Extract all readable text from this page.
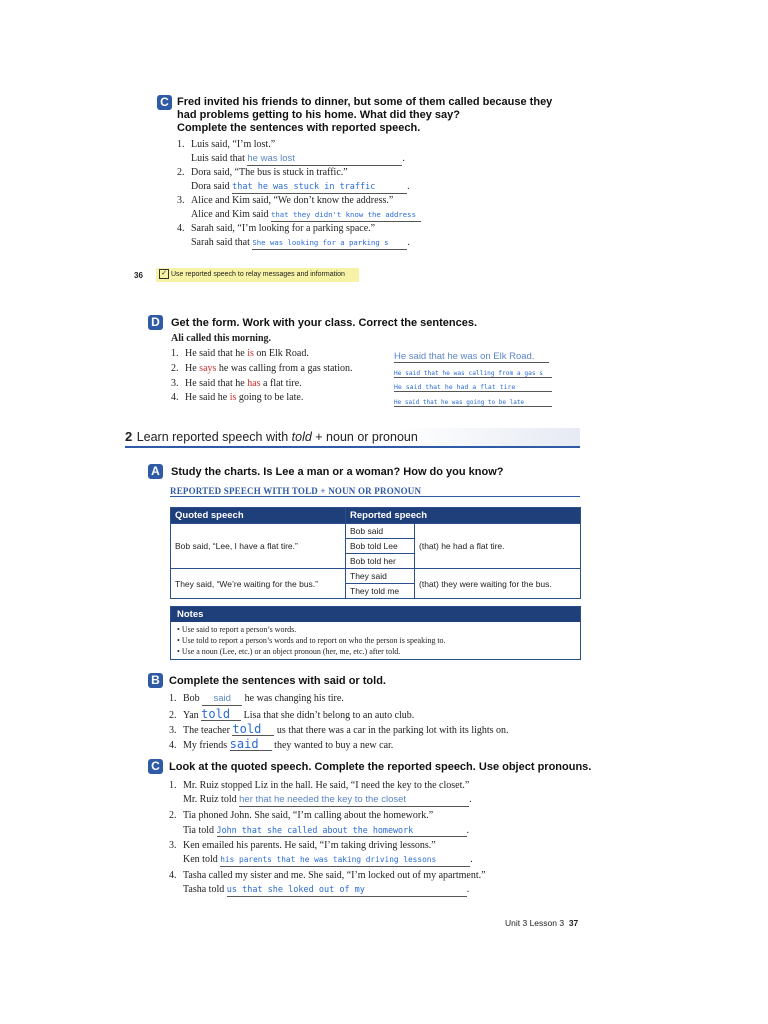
C Fred invited his friends to dinner, but some of them called because they
had problems getting to his home. What did they say?
Complete the sentences with reported speech.
1. Luis said, “I’m lost.”
Luis said that he was lost	.
2. Dora said, “The bus is stuck in traffic.”
Dora said that he was stuck in traffic	.
3. Alice and Kim said, “We don’t know the address.”
Alice and Kim said that they didn't know the address
4. Sarah said, “I’m looking for a parking space.”
Sarah said that She was looking for a parking s .
36	✓ Use reported speech to relay messages and information
D Get the form. Work with your class. Correct the sentences.
Ali called this morning.
1. He said that he is on Elk Road.	He said that he was on Elk Road.
2. He says he was calling from a gas station.	He said that he was calling from a gas s
3. He said that he has a flat tire.	He said that he had a flat tire
4. He said he is going to be late.	He said that he was going to be late
2 Learn reported speech with told + noun or pronoun
A Study the charts. Is Lee a man or a woman? How do you know?
REPORTED SPEECH WITH TOLD + NOUN OR PRONOUN
Quoted speech	Reported speech	
Bob said, “Lee, I have a flat tire.”	Bob said	(that) he had a flat tire.
	Bob told Lee	
	Bob told her	
They said, “We’re waiting for the bus.”	They said	(that) they were waiting for the bus.
	They told me	
Notes
• Use said to report a person’s words.
• Use told to report a person’s words and to report on who the person is speaking to.
• Use a noun (Lee, etc.) or an object pronoun (her, me, etc.) after told.
B Complete the sentences with said or told.
1. Bob said he was changing his tire.
2. Yan told Lisa that she didn’t belong to an auto club.
3. The teacher told us that there was a car in the parking lot with its lights on.
4. My friends said they wanted to buy a new car.
C Look at the quoted speech. Complete the reported speech. Use object pronouns.
1. Mr. Ruiz stopped Liz in the hall. He said, “I need the key to the closet.”
Mr. Ruiz told her that he needed the key to the closet	.
2. Tia phoned John. She said, “I’m calling about the homework.”
Tia told John that she called about the homework	.
3. Ken emailed his parents. He said, “I’m taking driving lessons.”
Ken told his parents that he was taking driving lessons	.
4. Tasha called my sister and me. She said, “I’m locked out of my apartment.”
Tasha told us that she loked out of my	.
Unit 3 Lesson 3 37
